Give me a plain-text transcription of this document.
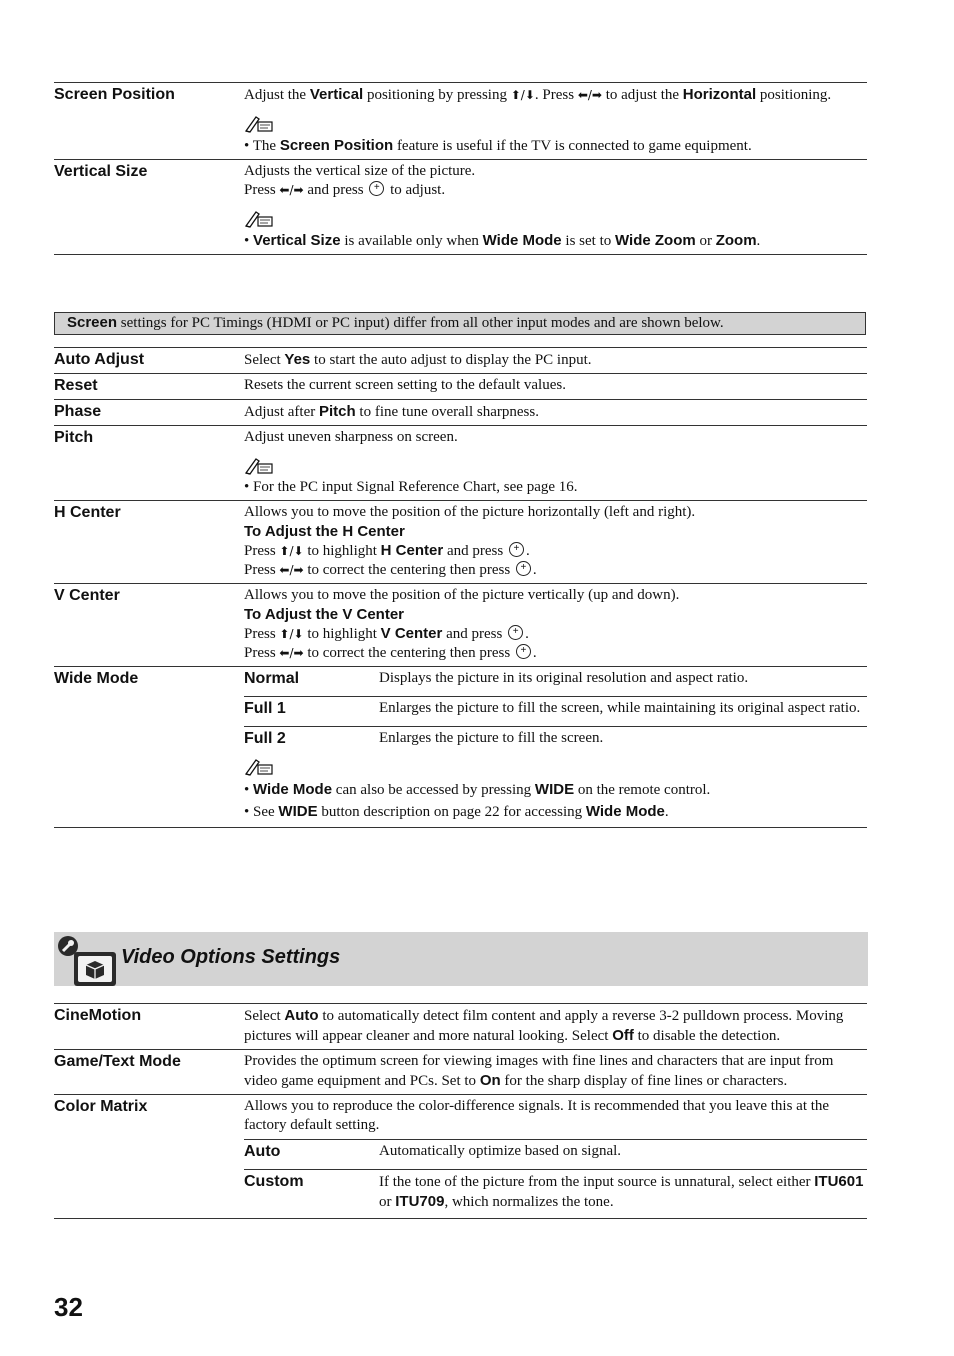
Screen Position	Adjust the Vertical positioning by pressing ⬆/⬇. Press ⬅/➡ to adjust the Horizontal positioning.

• The Screen Position feature is useful if the TV is connected to game equipment.

Vertical Size	Adjusts the vertical size of the picture.

Press ⬅/➡ and press + to adjust.

• Vertical Size is available only when Wide Mode is set to Wide Zoom or Zoom.

Screen settings for PC Timings (HDMI or PC input) differ from all other input modes and are shown below.
Auto Adjust	Select Yes to start the auto adjust to display the PC input.
Reset	Resets the current screen setting to the default values.
Phase	Adjust after Pitch to fine tune overall sharpness.
Pitch	Adjust uneven sharpness on screen.

• For the PC input Signal Reference Chart, see page 16.

H Center	Allows you to move the position of the picture horizontally (left and right).

To Adjust the H Center

Press ⬆/⬇ to highlight H Center and press +.

Press ⬅/➡ to correct the centering then press +.

V Center	Allows you to move the position of the picture vertically (up and down).

To Adjust the V Center

Press ⬆/⬇ to highlight V Center and press +.

Press ⬅/➡ to correct the centering then press +.

Wide Mode	Normal	Displays the picture in its original resolution and aspect ratio.
Full 1	Enlarges the picture to fill the screen, while maintaining its original aspect ratio.
Full 2	Enlarges the picture to fill the screen.

• Wide Mode can also be accessed by pressing WIDE on the remote control.

• See WIDE button description on page 22 for accessing Wide Mode.

Video Options Settings
CineMotion	Select Auto to automatically detect film content and apply a reverse 3-2 pulldown process. Moving pictures will appear cleaner and more natural looking. Select Off to disable the detection.
Game/Text Mode	Provides the optimum screen for viewing images with fine lines and characters that are input from video game equipment and PCs. Set to On for the sharp display of fine lines or characters.
Color Matrix	Allows you to reproduce the color-difference signals. It is recommended that you leave this at the factory default setting.

Auto	Automatically optimize based on signal.
Custom	If the tone of the picture from the input source is unnatural, select either ITU601 or ITU709, which normalizes the tone.
32
